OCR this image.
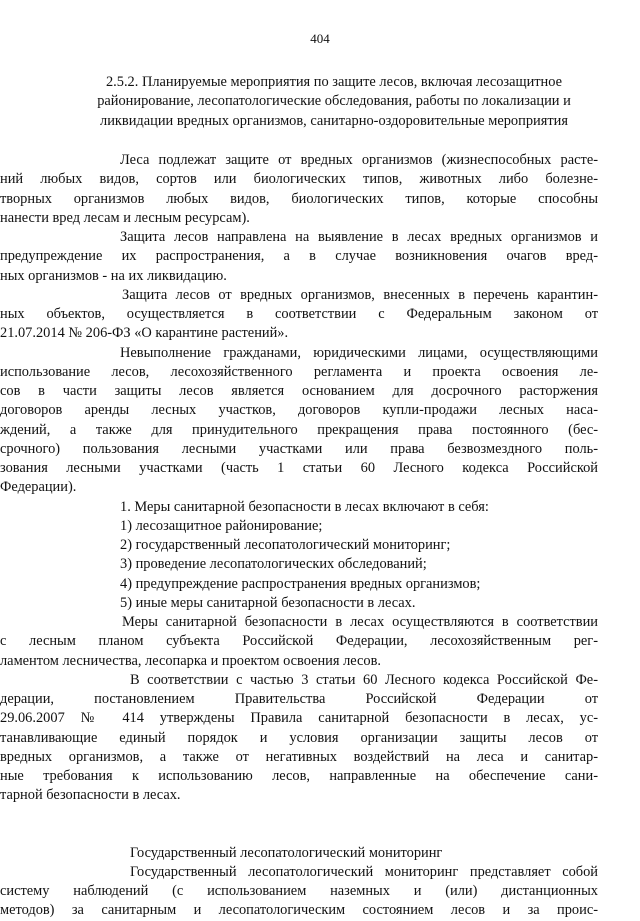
404
2.5.2. Планируемые мероприятия по защите лесов, включая лесозащитное
районирование, лесопатологические обследования, работы по локализации и
ликвидации вредных организмов, санитарно-оздоровительные мероприятия
Леса подлежат защите от вредных организмов (жизнеспособных расте-
ний любых видов, сортов или биологических типов, животных либо болезне-
творных организмов любых видов, биологических типов, которые способны
нанести вред лесам и лесным ресурсам).
Защита лесов направлена на выявление в лесах вредных организмов и
предупреждение их распространения, а в случае возникновения очагов вред-
ных организмов - на их ликвидацию.
Защита лесов от вредных организмов, внесенных в перечень карантин-
ных объектов, осуществляется в соответствии с Федеральным законом от
21.07.2014 № 206-ФЗ «О карантине растений».
Невыполнение гражданами, юридическими лицами, осуществляющими
использование лесов, лесохозяйственного регламента и проекта освоения ле-
сов в части защиты лесов является основанием для досрочного расторжения
договоров аренды лесных участков, договоров купли-продажи лесных наса-
ждений, а также для принудительного прекращения права постоянного (бес-
срочного) пользования лесными участками или права безвозмездного поль-
зования лесными участками (часть 1 статьи 60 Лесного кодекса Российской
Федерации).
1. Меры санитарной безопасности в лесах включают в себя:
1) лесозащитное районирование;
2) государственный лесопатологический мониторинг;
3) проведение лесопатологических обследований;
4) предупреждение распространения вредных организмов;
5) иные меры санитарной безопасности в лесах.
Меры санитарной безопасности в лесах осуществляются в соответствии
с лесным планом субъекта Российской Федерации, лесохозяйственным рег-
ламентом лесничества, лесопарка и проектом освоения лесов.
В соответствии с частью 3 статьи 60 Лесного кодекса Российской Фе-
дерации, постановлением Правительства Российской Федерации от
29.06.2007 № 414 утверждены Правила санитарной безопасности в лесах, ус-
танавливающие единый порядок и условия организации защиты лесов от
вредных организмов, а также от негативных воздействий на леса и санитар-
ные требования к использованию лесов, направленные на обеспечение сани-
тарной безопасности в лесах.
Государственный лесопатологический мониторинг
Государственный лесопатологический мониторинг представляет собой
систему наблюдений (с использованием наземных и (или) дистанционных
методов) за санитарным и лесопатологическим состоянием лесов и за проис-
